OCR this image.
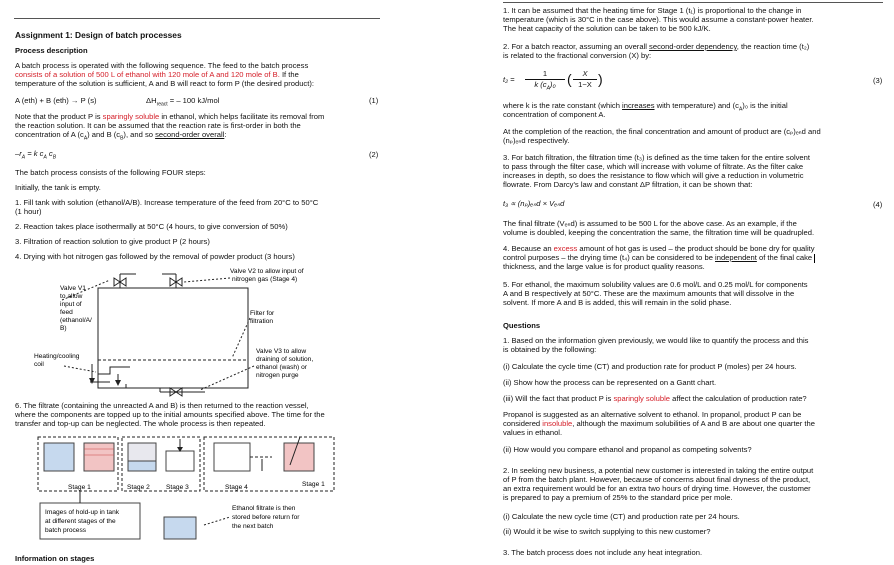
Assignment 1: Design of batch processes
Process description
A batch process is operated with the following sequence. The feed to the batch process
consists of a solution of 500 L of ethanol with 120 mole of A and 120 mole of B. If the
temperature of the solution is sufficient, A and B will react to form P (the desired product):
A (eth) + B (eth) → P (s)	$\Delta H_{react}$ = – 100 kJ/mol	(1)
Note that the product P is sparingly soluble in ethanol, which helps facilitate its removal from
the reaction solution. It can be assumed that the reaction rate is first-order in both the
concentration of A $(c_A)$ and B $(c_B)$, and so second-order overall:
$-r_A = k$ $c_A$ $c_B$	(2)
The batch process consists of the following FOUR steps:
Initially, the tank is empty.
1. Fill tank with solution (ethanol/A/B). Increase temperature of the feed from 20°C to 50°C
(1 hour)
2. Reaction takes place isothermally at 50°C (4 hours, to give conversion of 50%)
3. Filtration of reaction solution to give product P (2 hours)
4. Drying with hot nitrogen gas followed by the removal of powder product (3 hours)
Valve V1
to allow
input of
feed
(ethanol/A/
B)
Valve V2 to allow input of
nitrogen gas (Stage 4)
Filter for
filtration
Heating/cooling
coil
Valve V3 to allow
draining of solution,
ethanol (wash) or
nitrogen purge
6. The filtrate (containing the unreacted A and B) is then returned to the reaction vessel,
where the components are topped up to the initial amounts specified above. The time for the
transfer and top-up can be neglected. The whole process is then repeated.
Stage 1	Stage 2 Stage 3	Stage 4	Stage 1
Images of hold-up in tank
at different stages of the
batch process
Ethanol filtrate is then
stored before return for
the next batch
Information on stages
1. It can be assumed that the heating time for Stage 1 (t₁) is proportional to the change in
temperature (which is 30°C in the case above). This would assume a constant-power heater.
The heat capacity of the solution can be taken to be 500 kJ/K.
2. For a batch reactor, assuming an overall second-order dependency, the reaction time (t₂)
is related to the fractional conversion (X) by:
t₂ =
1
k $(c_A)_0$ (	X
1−X )	(3)
where k is the rate constant (which increases with temperature) and $(c_A)_0$ is the initial
concentration of component A.
At the completion of the reaction, the final concentration and amount of product are (cₚ)ₑₙd and
(nₚ)ₑₙd respectively.
3. For batch filtration, the filtration time (t₃) is defined as the time taken for the entire solvent
to pass through the filter case, which will increase with volume of filtrate. As the filter cake
increases in depth, so does the resistance to flow which will give a reduction in volumetric
flowrate. From Darcy's law and constant ΔP filtration, it can be shown that:
t₃ ∝ (nₚ)ₑₙd × Vₑₙd	(4)
The final filtrate (Vₑₙd) is assumed to be 500 L for the above case. As an example, if the
volume is doubled, keeping the concentration the same, the filtration time will be quadrupled.
4. Because an excess amount of hot gas is used – the product should be bone dry for quality
control purposes – the drying time (t₄) can be considered to be independent of the final cake
thickness, and the large value is for product quality reasons.
5. For ethanol, the maximum solubility values are 0.6 mol/L and 0.25 mol/L for components
A and B respectively at 50°C. These are the maximum amounts that will dissolve in the
solvent. If more A and B is added, this will remain in the solid phase.
Questions
1. Based on the information given previously, we would like to quantify the process and this
is obtained by the following:
(i) Calculate the cycle time (CT) and production rate for product P (moles) per 24 hours.
(ii) Show how the process can be represented on a Gantt chart.
(iii) Will the fact that product P is sparingly soluble affect the calculation of production rate?
Propanol is suggested as an alternative solvent to ethanol. In propanol, product P can be
considered insoluble, although the maximum solubilities of A and B are about one quarter the
values in ethanol.
(ii) How would you compare ethanol and propanol as competing solvents?
2. In seeking new business, a potential new customer is interested in taking the entire output
of P from the batch plant. However, because of concerns about final dryness of the product,
an extra requirement would be for an extra two hours of drying time. However, the customer
is prepared to pay a premium of 25% to the standard price per mole.
(i) Calculate the new cycle time (CT) and production rate per 24 hours.
(ii) Would it be wise to switch supplying to this new customer?
3. The batch process does not include any heat integration.
